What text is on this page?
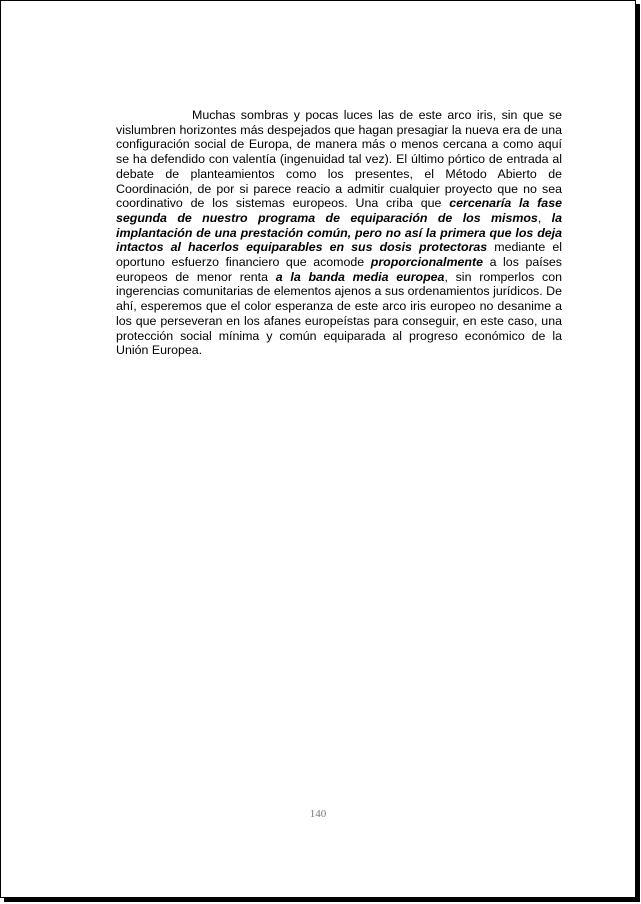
Muchas sombras y pocas luces las de este arco iris, sin que se vislumbren horizontes más despejados que hagan presagiar la nueva era de una configuración social de Europa, de manera más o menos cercana a como aquí se ha defendido con valentía (ingenuidad tal vez). El último pórtico de entrada al debate de planteamientos como los presentes, el Método Abierto de Coordinación, de por si parece reacio a admitir cualquier proyecto que no sea coordinativo de los sistemas europeos. Una criba que cercenaría la fase segunda de nuestro programa de equiparación de los mismos, la implantación de una prestación común, pero no así la primera que los deja intactos al hacerlos equiparables en sus dosis protectoras mediante el oportuno esfuerzo financiero que acomode proporcionalmente a los países europeos de menor renta a la banda media europea, sin romperlos con ingerencias comunitarias de elementos ajenos a sus ordenamientos jurídicos. De ahí, esperemos que el color esperanza de este arco iris europeo no desanime a los que perseveran en los afanes europeístas para conseguir, en este caso, una protección social mínima y común equiparada al progreso económico de la Unión Europea.

140
